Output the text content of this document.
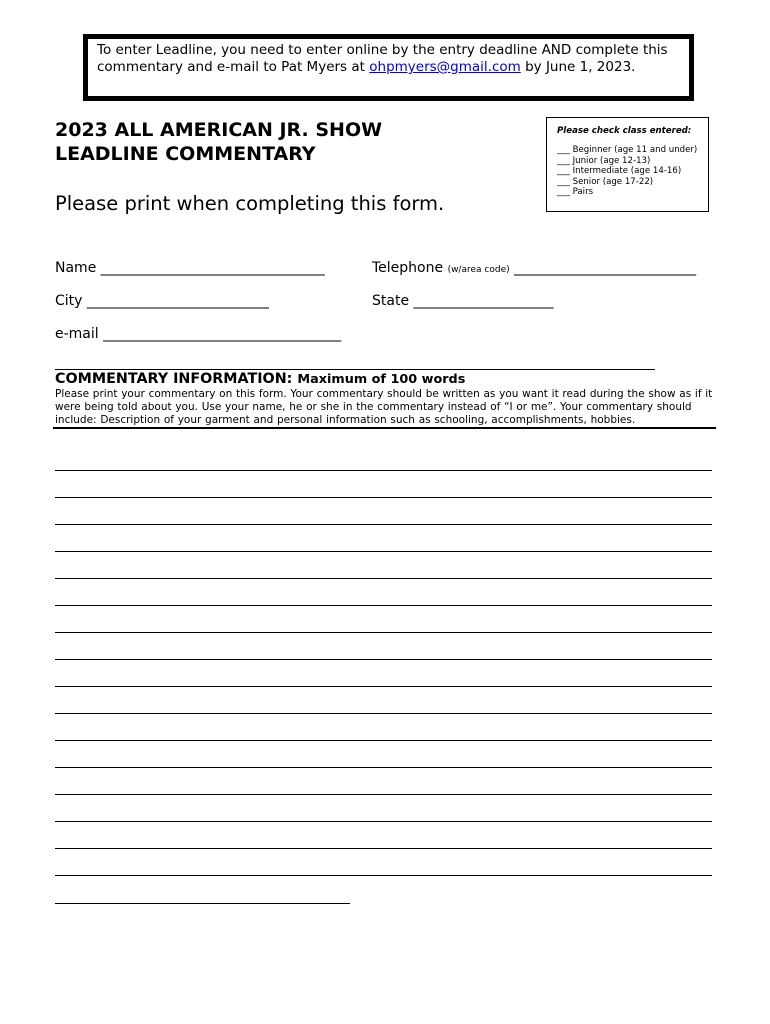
To enter Leadline, you need to enter online by the entry deadline AND complete this commentary and e-mail to Pat Myers at ohpmyers@gmail.com by June 1, 2023.
2023 ALL AMERICAN JR. SHOW
LEADLINE COMMENTARY
Please print when completing this form.
Please check class entered:
___ Beginner (age 11 and under)
___ Junior (age 12-13)
___ Intermediate (age 14-16)
___ Senior (age 17-22)
___ Pairs
Name ________________________________	Telephone (w/area code) __________________________
City __________________________	State ____________________
e-mail __________________________________
COMMENTARY INFORMATION: Maximum of 100 words
Please print your commentary on this form. Your commentary should be written as you want it read during the show as if it were being told about you. Use your name, he or she in the commentary instead of “I or me”. Your commentary should include: Description of your garment and personal information such as schooling, accomplishments, hobbies.
